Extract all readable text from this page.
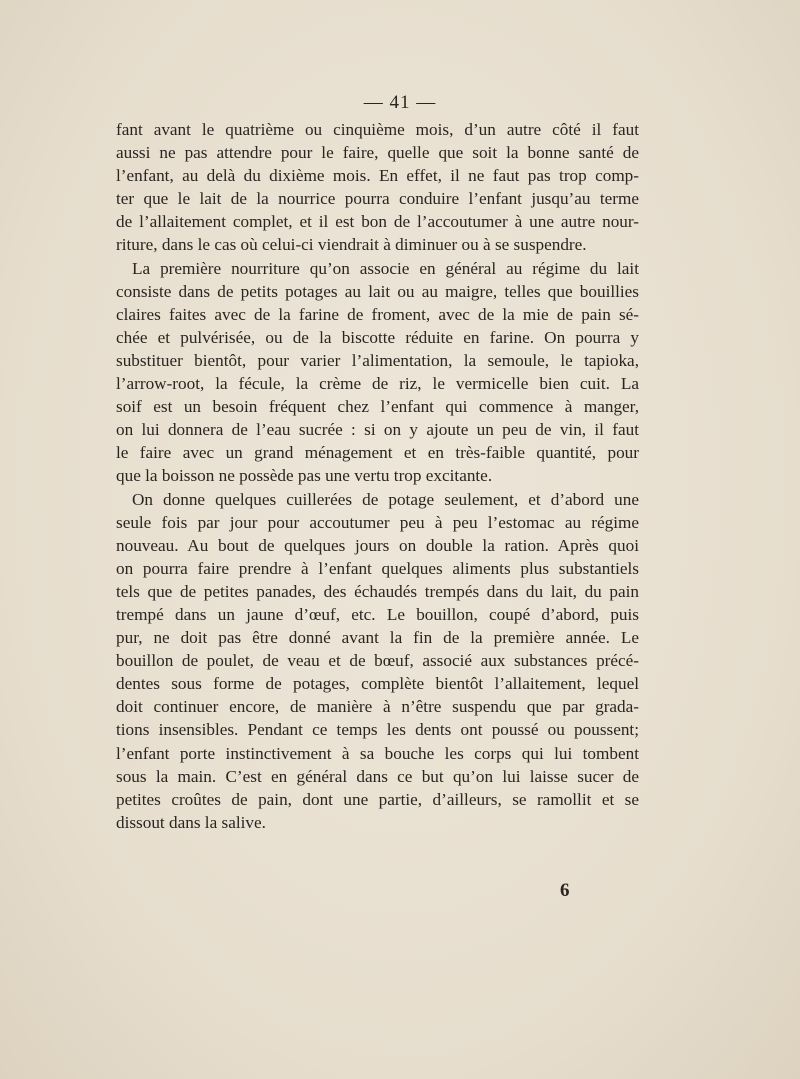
— 41 —
fant avant le quatrième ou cinquième mois, d’un autre côté il faut
aussi ne pas attendre pour le faire, quelle que soit la bonne santé de
l’enfant, au delà du dixième mois. En effet, il ne faut pas trop comp-
ter que le lait de la nourrice pourra conduire l’enfant jusqu’au terme
de l’allaitement complet, et il est bon de l’accoutumer à une autre nour-
riture, dans le cas où celui-ci viendrait à diminuer ou à se suspendre.
La première nourriture qu’on associe en général au régime du lait
consiste dans de petits potages au lait ou au maigre, telles que bouillies
claires faites avec de la farine de froment, avec de la mie de pain sé-
chée et pulvérisée, ou de la biscotte réduite en farine. On pourra y
substituer bientôt, pour varier l’alimentation, la semoule, le tapioka,
l’arrow-root, la fécule, la crème de riz, le vermicelle bien cuit. La
soif est un besoin fréquent chez l’enfant qui commence à manger,
on lui donnera de l’eau sucrée : si on y ajoute un peu de vin, il faut
le faire avec un grand ménagement et en très-faible quantité, pour
que la boisson ne possède pas une vertu trop excitante.
On donne quelques cuillerées de potage seulement, et d’abord une
seule fois par jour pour accoutumer peu à peu l’estomac au régime
nouveau. Au bout de quelques jours on double la ration. Après quoi
on pourra faire prendre à l’enfant quelques aliments plus substantiels
tels que de petites panades, des échaudés trempés dans du lait, du pain
trempé dans un jaune d’œuf, etc. Le bouillon, coupé d’abord, puis
pur, ne doit pas être donné avant la fin de la première année. Le
bouillon de poulet, de veau et de bœuf, associé aux substances précé-
dentes sous forme de potages, complète bientôt l’allaitement, lequel
doit continuer encore, de manière à n’être suspendu que par grada-
tions insensibles. Pendant ce temps les dents ont poussé ou poussent;
l’enfant porte instinctivement à sa bouche les corps qui lui tombent
sous la main. C’est en général dans ce but qu’on lui laisse sucer de
petites croûtes de pain, dont une partie, d’ailleurs, se ramollit et se
dissout dans la salive.
6
